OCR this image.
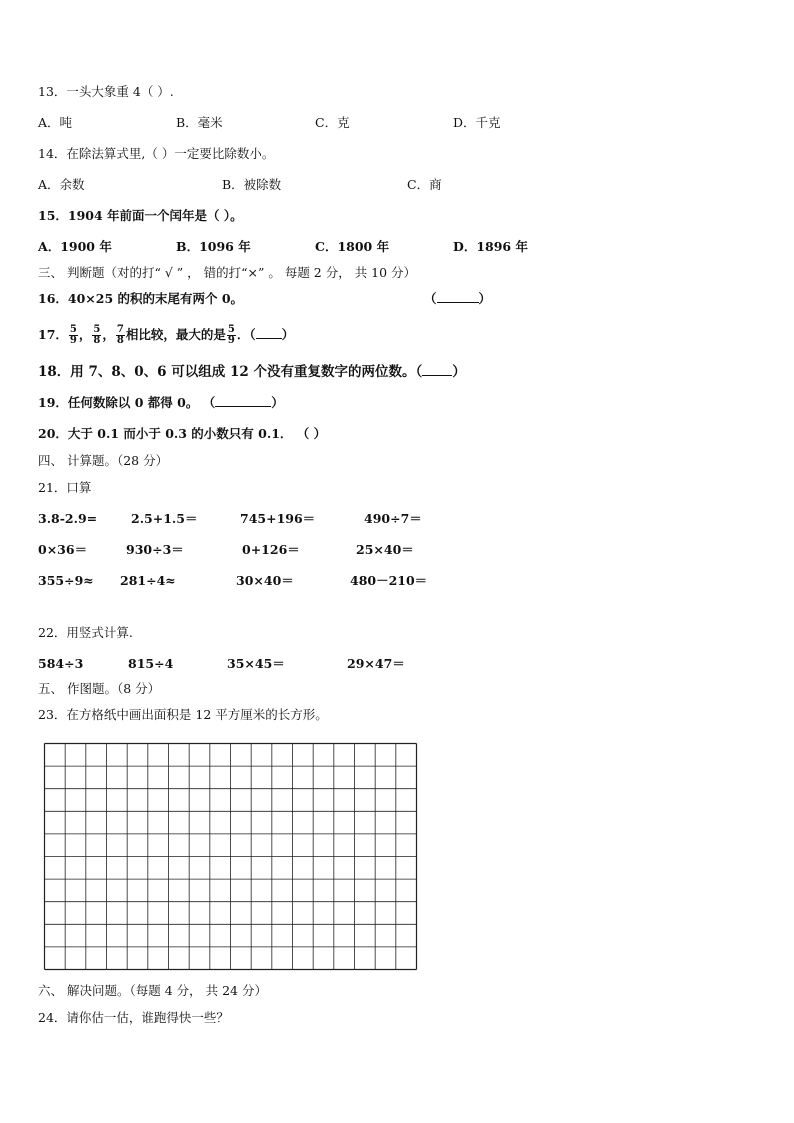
13．一头大象重 4（ ）.
A．吨	B．毫米	C．克	D．千克
14．在除法算式里,（ ）一定要比除数小。
A．余数	B．被除数	C．商
15．1904 年前面一个闰年是（ ）。
A．1900 年	B．1096 年	C．1800 年	D．1896 年
三、 判断题（对的打“ √ ” ， 错的打“×” 。 每题 2 分， 共 10 分）
16．40×25 的积的末尾有两个 0。	（	）
17． $\frac{5}{9}$ ， $\frac{5}{8}$ ， $\frac{7}{8}$ 相比较，最大的是 $\frac{5}{9}$ ．（ ）
18．用 7、8、0、6 可以组成 12 个没有重复数字的两位数。（ ）
19．任何数除以 0 都得 0。 （	）
20．大于 0.1 而小于 0.3 的小数只有 0.1． （ ）
四、 计算题。（28 分）
21．口算
3.8-2.9=	2.5+1.5＝	745+196＝	490÷7＝
0×36＝	930÷3＝	0+126＝	25×40＝
355÷9≈ 281÷4≈	30×40＝	480－210＝
22．用竖式计算.
584÷3	815÷4	35×45＝	29×47＝
五、 作图题。（8 分）
23．在方格纸中画出面积是 12 平方厘米的长方形。
六、 解决问题。（每题 4 分， 共 24 分）
24．请你估一估，谁跑得快一些？
